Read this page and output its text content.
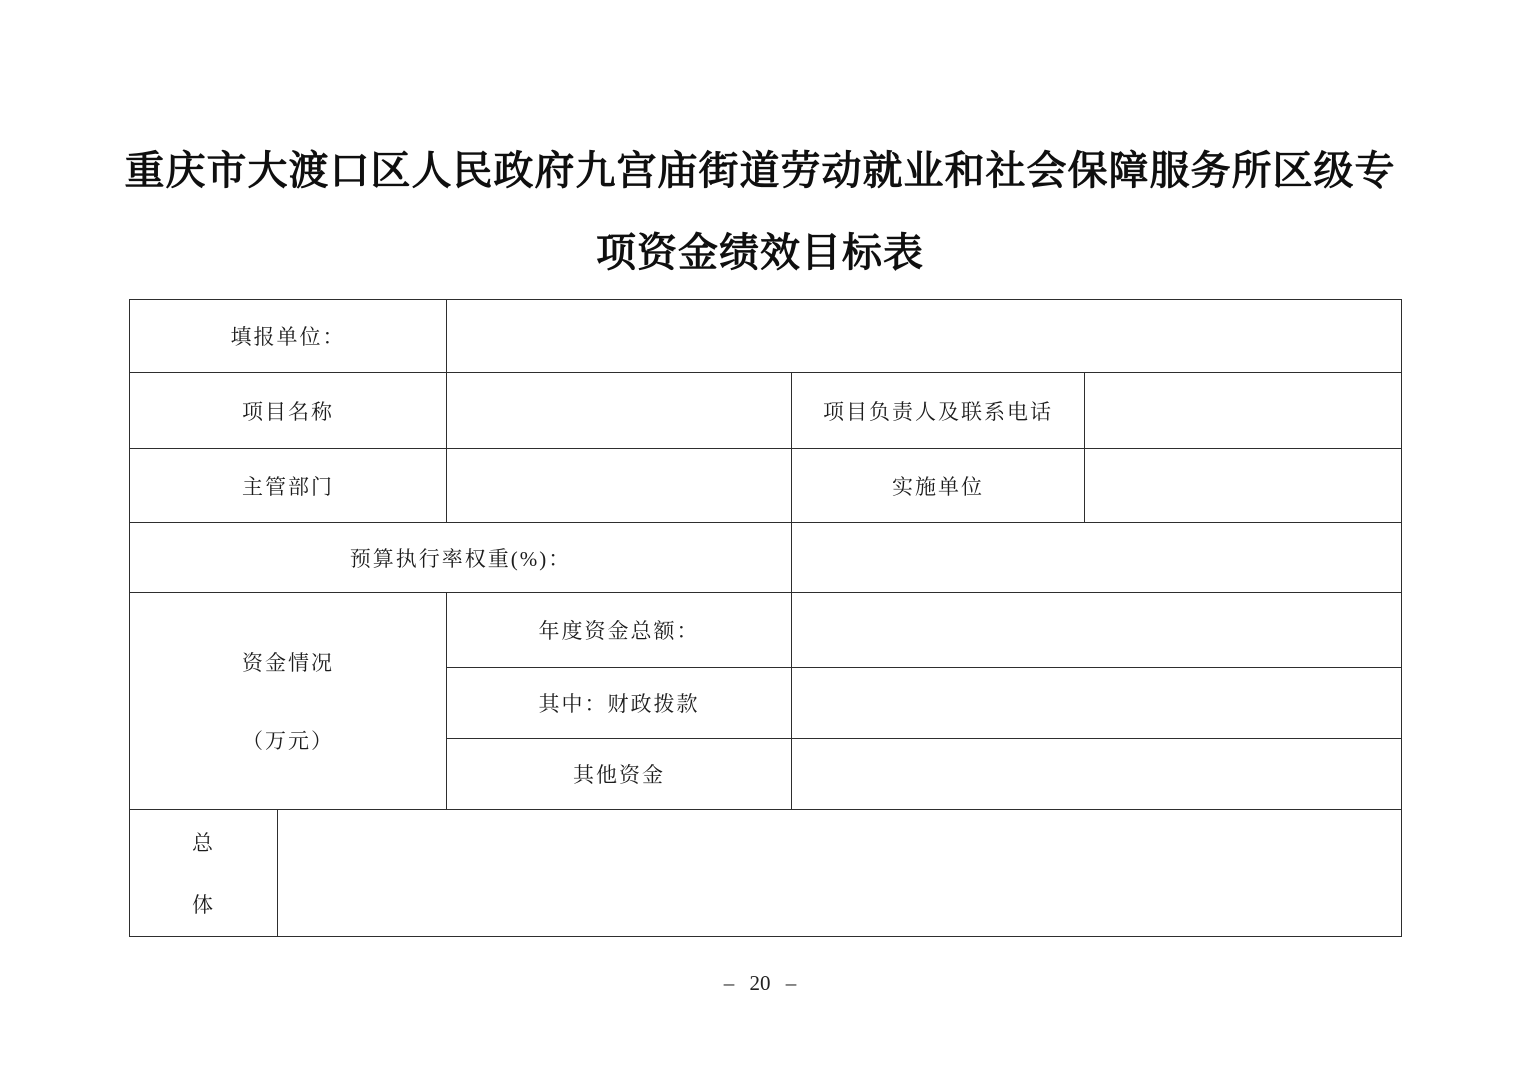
重庆市大渡口区人民政府九宫庙街道劳动就业和社会保障服务所区级专
项资金绩效目标表
填报单位：				
项目名称			项目负责人及联系电话	
主管部门			实施单位	
预算执行率权重(%)：				

资金情况
（万元）		年度资金总额：		
		其中：财政拨款		
		其他资金		

总
体				

– 20 –
